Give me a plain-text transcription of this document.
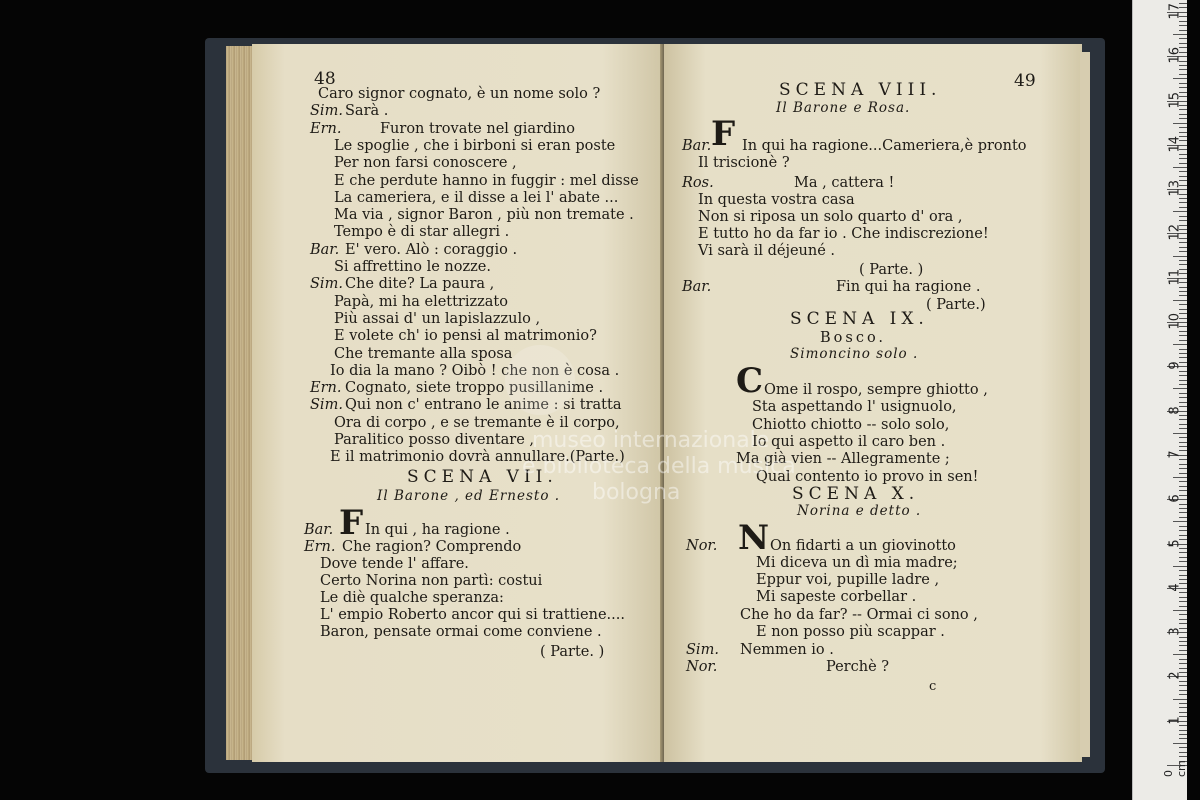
48
Caro signor cognato, è un nome solo ?
Sim. Sarà .
Ern.	Furon trovate nel giardino
Le spoglie , che i birboni si eran poste
Per non farsi conoscere ,
E che perdute hanno in fuggir : mel disse
La cameriera, e il disse a lei l' abate ...
Ma via , signor Baron , più non tremate .
Tempo è di star allegri .
Bar. E' vero. Alò : coraggio .
Si affrettino le nozze.
Sim. Che dite? La paura ,
Papà, mi ha elettrizzato
Più assai d' un lapislazzulo ,
E volete ch' io pensi al matrimonio?
Che tremante alla sposa
Io dia la mano ? Oibò ! che non è cosa .
Ern. Cognato, siete troppo pusillanime .
Sim. Qui non c' entrano le anime : si tratta
Ora di corpo , e se tremante è il corpo,
Paralitico posso diventare ,
E il matrimonio dovrà annullare.(Parte.)
SCENA VII.
Il Barone , ed Ernesto .
F
Bar. In qui , ha ragione .
Ern. Che ragion? Comprendo
Dove tende l' affare.
Certo Norina non partì: costui
Le diè qualche speranza:
L' empio Roberto ancor qui si trattiene....
Baron, pensate ormai come conviene .
( Parte. )
49
SCENA VIII.
Il Barone e Rosa.
F
Bar. In qui ha ragione...Cameriera,è pronto
Il triscionè ?
Ros.	Ma , cattera !
In questa vostra casa
Non si riposa un solo quarto d' ora ,
E tutto ho da far io . Che indiscrezione!
Vi sarà il déjeuné .
( Parte. )
Bar.	Fin qui ha ragione .
( Parte.)
SCENA IX.
Bosco.
Simoncino solo .
C Ome il rospo, sempre ghiotto ,
Sta aspettando l' usignuolo,
Chiotto chiotto -- solo solo,
Io qui aspetto il caro ben .
Ma già vien -- Allegramente ;
Qual contento io provo in sen!
SCENA X.
Norina e detto .
N
Nor.	On fidarti a un giovinotto
Mi diceva un dì mia madre;
Eppur voi, pupille ladre ,
Mi sapeste corbellar .
Che ho da far? -- Ormai ci sono ,
E non posso più scappar .
Sim. Nemmen io .
Nor.	Perchè ?
c
museo internazionale
e biblioteca della musica
bologna
1
2
3
4
5
6
7
8
9
10
11
12
13
14
15
16
17
0 cm
